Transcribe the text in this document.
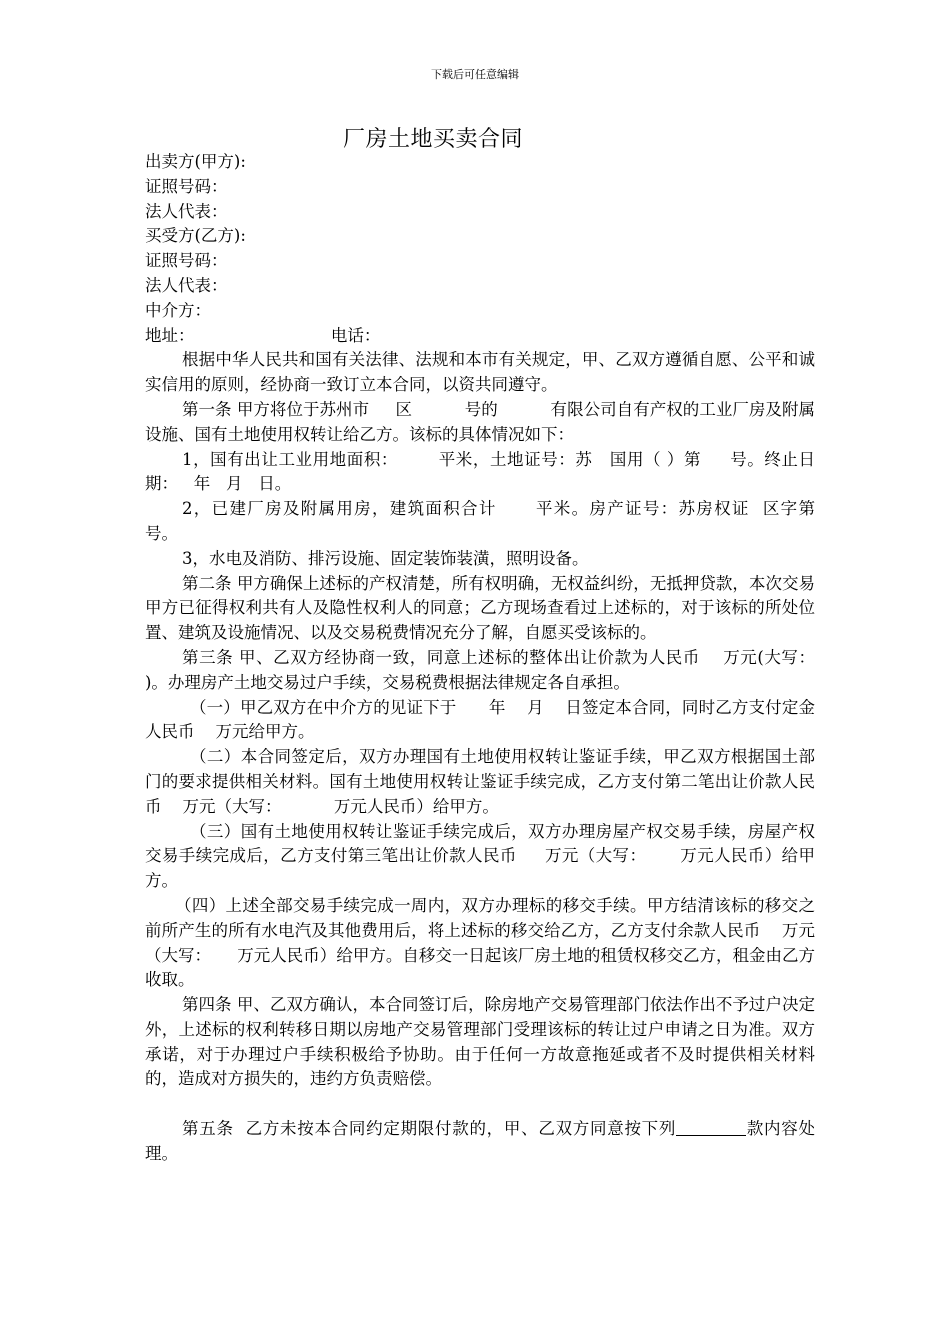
下载后可任意编辑
厂房土地买卖合同

出卖方(甲方):

证照号码：

法人代表：

买受方(乙方):

证照号码：

法人代表：

中介方：

地址：                          电话：

根据中华人民共和国有关法律、法规和本市有关规定，甲、乙双方遵循自愿、公平和诚实信用的原则，经协商一致订立本合同，以资共同遵守。

第一条 甲方将位于苏州市     区          号的          有限公司自有产权的工业厂房及附属设施、国有土地使用权转让给乙方。该标的具体情况如下：

1，国有出让工业用地面积：       平米，土地证号：苏   国用（ ）第     号。终止日期：   年   月   日。

2，已建厂房及附属用房，建筑面积合计      平米。房产证号：苏房权证  区字第      号。

3，水电及消防、排污设施、固定装饰装潢，照明设备。

第二条 甲方确保上述标的产权清楚，所有权明确，无权益纠纷，无抵押贷款，本次交易甲方已征得权利共有人及隐性权利人的同意；乙方现场查看过上述标的，对于该标的所处位置、建筑及设施情况、以及交易税费情况充分了解，自愿买受该标的。

第三条 甲、乙双方经协商一致，同意上述标的整体出让价款为人民币    万元(大写：          )。办理房产土地交易过户手续，交易税费根据法律规定各自承担。

（一）甲乙双方在中介方的见证下于      年    月    日签定本合同，同时乙方支付定金人民币    万元给甲方。

（二）本合同签定后，双方办理国有土地使用权转让鉴证手续，甲乙双方根据国土部门的要求提供相关材料。国有土地使用权转让鉴证手续完成，乙方支付第二笔出让价款人民币    万元（大写：          万元人民币）给甲方。

（三）国有土地使用权转让鉴证手续完成后，双方办理房屋产权交易手续，房屋产权交易手续完成后，乙方支付第三笔出让价款人民币     万元（大写：      万元人民币）给甲方。

（四）上述全部交易手续完成一周内，双方办理标的移交手续。甲方结清该标的移交之前所产生的所有水电汽及其他费用后，将上述标的移交给乙方，乙方支付余款人民币    万元（大写：     万元人民币）给甲方。自移交一日起该厂房土地的租赁权移交乙方，租金由乙方收取。

第四条 甲、乙双方确认，本合同签订后，除房地产交易管理部门依法作出不予过户决定外，上述标的权利转移日期以房地产交易管理部门受理该标的转让过户申请之日为准。双方承诺，对于办理过户手续积极给予协助。由于任何一方故意拖延或者不及时提供相关材料的，造成对方损失的，违约方负责赔偿。

第五条  乙方未按本合同约定期限付款的，甲、乙双方同意按下列	款内容处理。
